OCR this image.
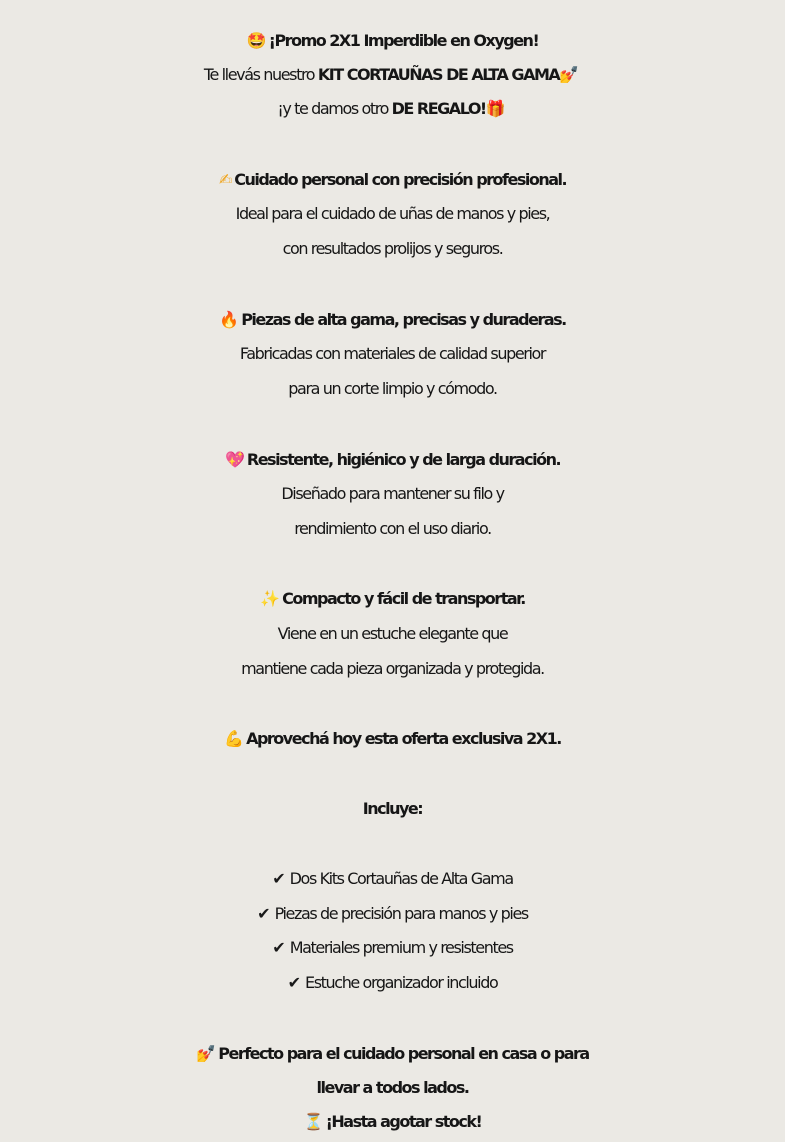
🤩 ¡Promo 2X1 Imperdible en Oxygen!
Te llevás nuestro KIT CORTAUÑAS DE ALTA GAMA💅
¡y te damos otro DE REGALO!🎁
✍ Cuidado personal con precisión profesional.
Ideal para el cuidado de uñas de manos y pies,
con resultados prolijos y seguros.
🔥 Piezas de alta gama, precisas y duraderas.
Fabricadas con materiales de calidad superior
para un corte limpio y cómodo.
💖 Resistente, higiénico y de larga duración.
Diseñado para mantener su filo y
rendimiento con el uso diario.
✨ Compacto y fácil de transportar.
Viene en un estuche elegante que
mantiene cada pieza organizada y protegida.
💪 Aprovechá hoy esta oferta exclusiva 2X1.
Incluye:
✔ Dos Kits Cortauñas de Alta Gama
✔ Piezas de precisión para manos y pies
✔ Materiales premium y resistentes
✔ Estuche organizador incluido
💅 Perfecto para el cuidado personal en casa o para
llevar a todos lados.
⏳ ¡Hasta agotar stock!
